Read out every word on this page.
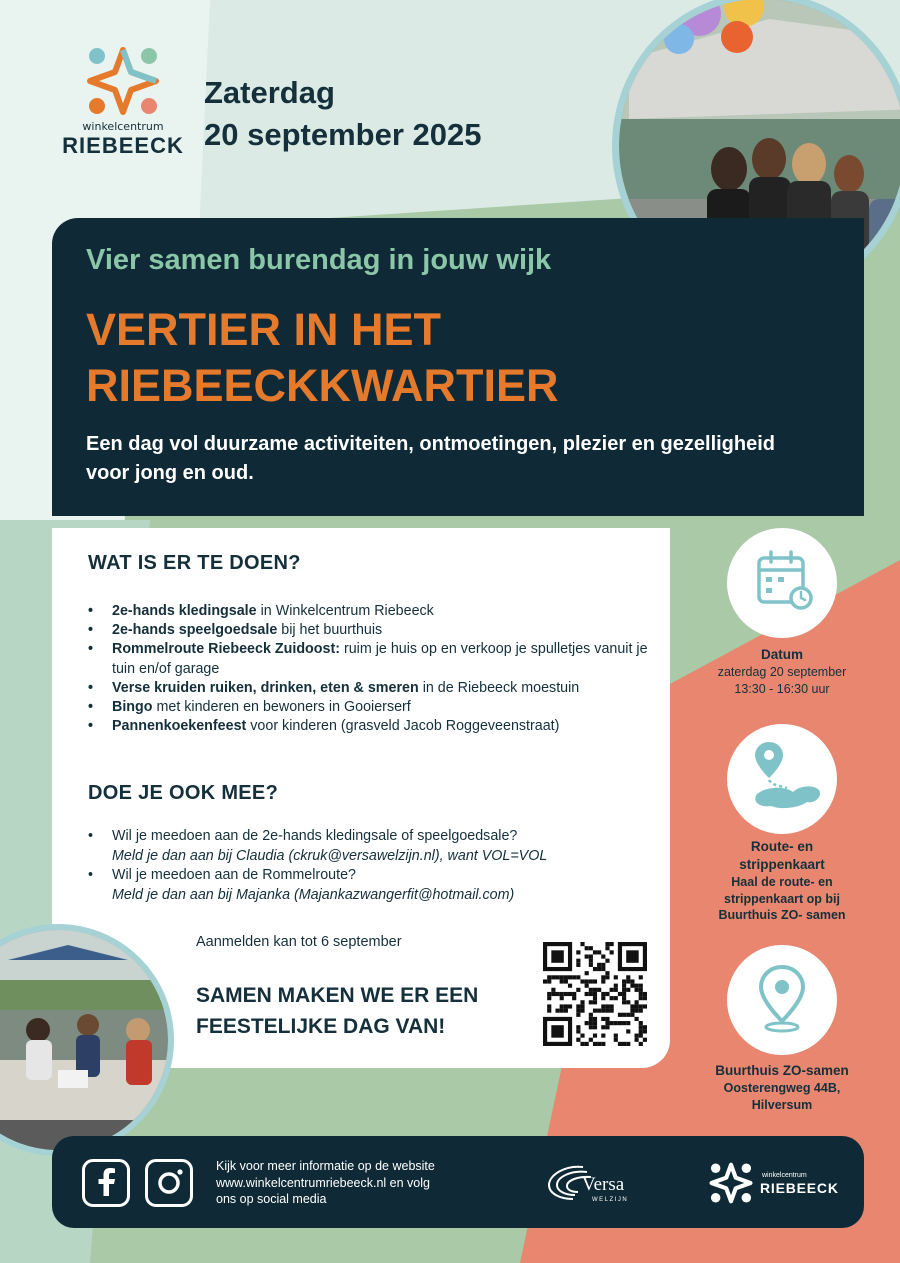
winkelcentrum
RIEBEECK
Zaterdag
20 september 2025
Vier samen burendag in jouw wijk
VERTIER IN HET
RIEBEECKKWARTIER
Een dag vol duurzame activiteiten, ontmoetingen, plezier en gezelligheid voor jong en oud.
WAT IS ER TE DOEN?
• 2e-hands kledingsale in Winkelcentrum Riebeeck
• 2e-hands speelgoedsale bij het buurthuis
• Rommelroute Riebeeck Zuidoost: ruim je huis op en verkoop je spulletjes vanuit je tuin en/of garage
• Verse kruiden ruiken, drinken, eten & smeren in de Riebeeck moestuin
• Bingo met kinderen en bewoners in Gooierserf
• Pannenkoekenfeest voor kinderen (grasveld Jacob Roggeveenstraat)
DOE JE OOK MEE?
• Wil je meedoen aan de 2e-hands kledingsale of speelgoedsale?
Meld je dan aan bij Claudia (ckruk@versawelzijn.nl), want VOL=VOL
• Wil je meedoen aan de Rommelroute?
Meld je dan aan bij Majanka (Majankazwangerfit@hotmail.com)
Aanmelden kan tot 6 september
SAMEN MAKEN WE ER EEN
FEESTELIJKE DAG VAN!
Datum
zaterdag 20 september
13:30 - 16:30 uur
Route- en
strippenkaart
Haal de route- en
strippenkaart op bij
Buurthuis ZO- samen
Buurthuis ZO-samen
Oosterengweg 44B,
Hilversum
Kijk voor meer informatie op de website
www.winkelcentrumriebeeck.nl en volg
ons op social media
Versa
WELZIJN
winkelcentrum
RIEBEECK
